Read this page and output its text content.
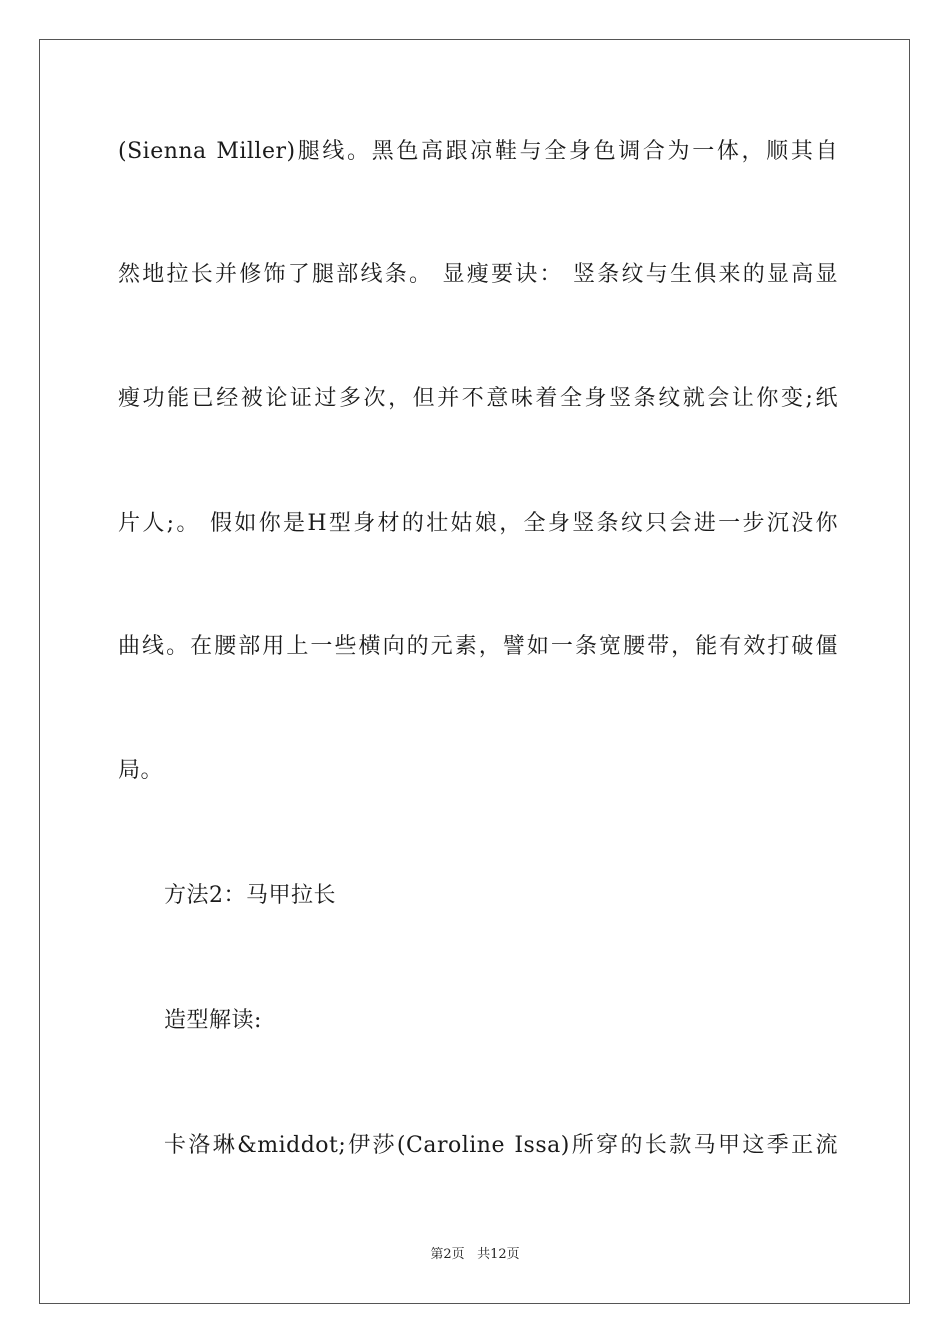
(Sienna Miller)腿线。黑色高跟凉鞋与全身色调合为一体，顺其自
然地拉长并修饰了腿部线条。 显瘦要诀： 竖条纹与生俱来的显高显
瘦功能已经被论证过多次，但并不意味着全身竖条纹就会让你变;纸
片人;。 假如你是H型身材的壮姑娘，全身竖条纹只会进一步沉没你
曲线。在腰部用上一些横向的元素，譬如一条宽腰带，能有效打破僵
局。
方法2：马甲拉长
造型解读:
卡洛琳&middot;伊莎(Caroline Issa)所穿的长款马甲这季正流
第2页 共12页
